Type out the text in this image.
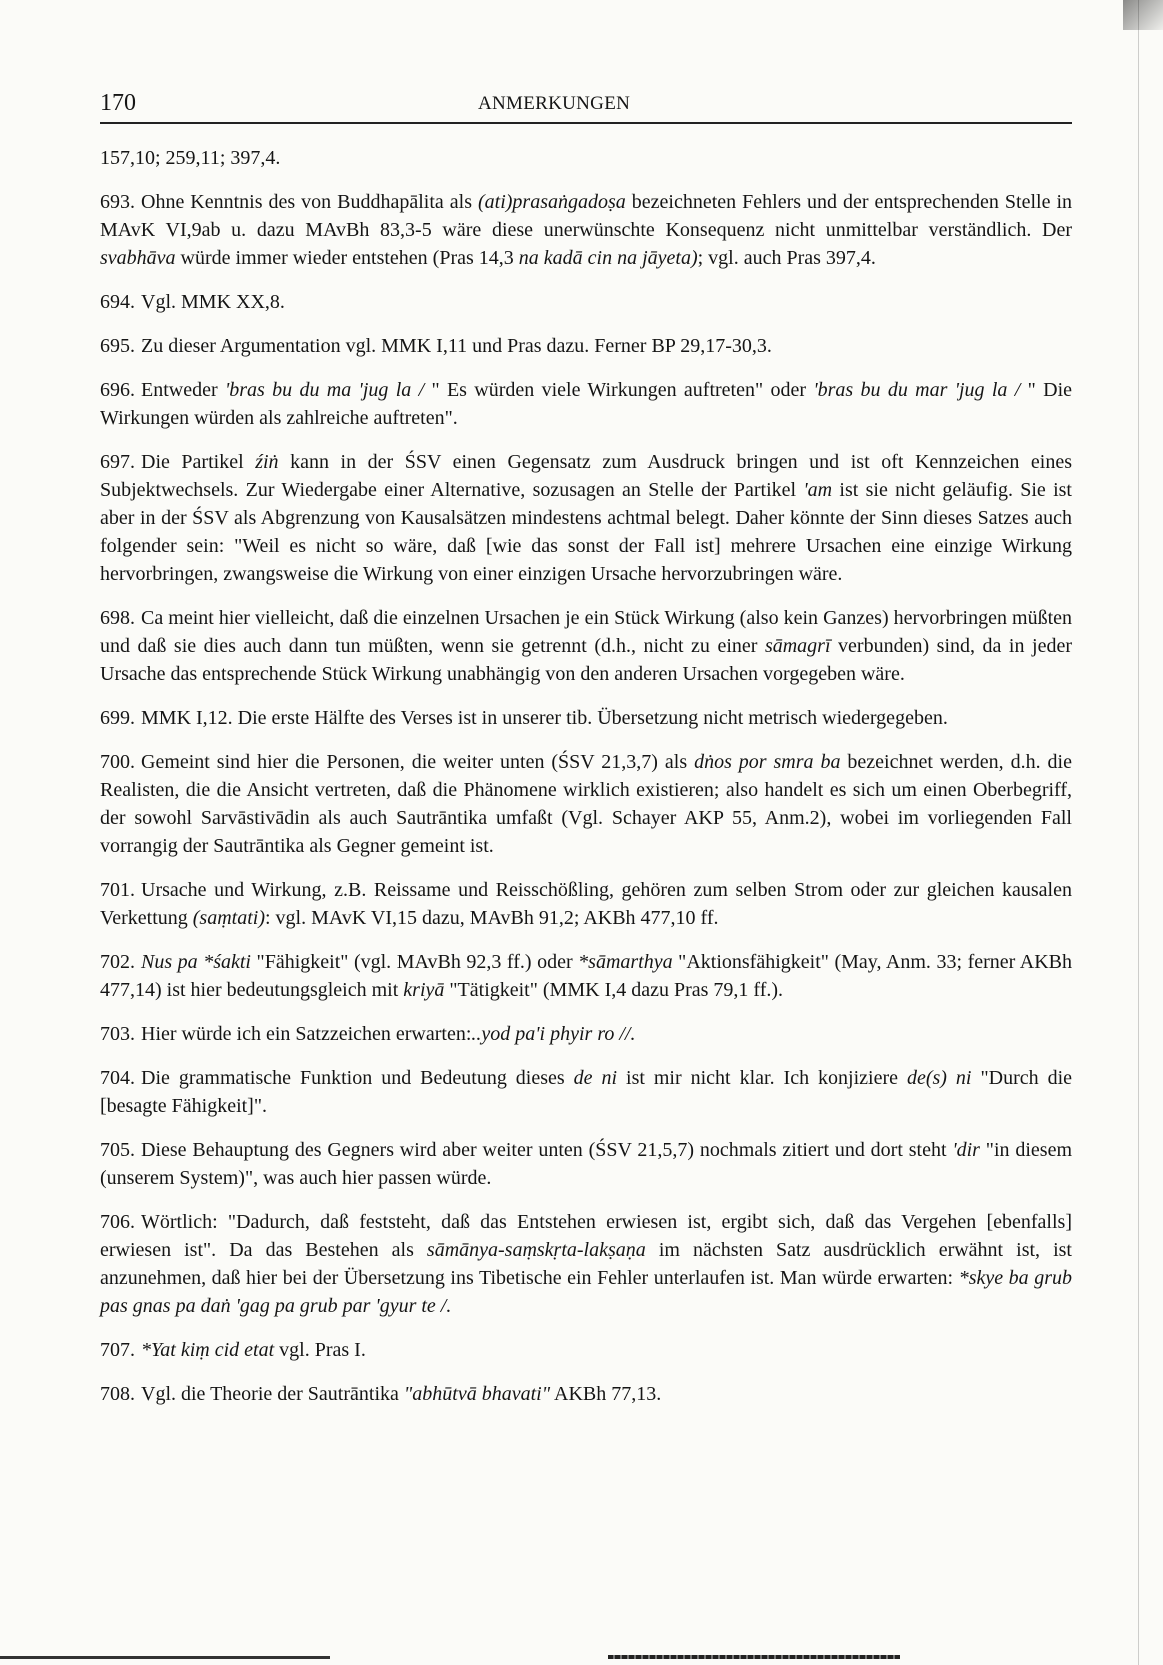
170	ANMERKUNGEN
157,10; 259,11; 397,4.

693. Ohne Kenntnis des von Buddhapālita als (ati)prasaṅgadoṣa bezeichneten Fehlers und der entsprechenden Stelle in MAvK VI,9ab u. dazu MAvBh 83,3-5 wäre diese unerwünschte Konsequenz nicht unmittelbar verständlich. Der svabhāva würde immer wieder entstehen (Pras 14,3 na kadā cin na jāyeta); vgl. auch Pras 397,4.

694. Vgl. MMK XX,8.

695. Zu dieser Argumentation vgl. MMK I,11 und Pras dazu. Ferner BP 29,17-30,3.

696. Entweder 'bras bu du ma 'jug la / " Es würden viele Wirkungen auftreten" oder 'bras bu du mar 'jug la / " Die Wirkungen würden als zahlreiche auftreten".

697. Die Partikel źiṅ kann in der ŚSV einen Gegensatz zum Ausdruck bringen und ist oft Kennzeichen eines Subjektwechsels. Zur Wiedergabe einer Alternative, sozusagen an Stelle der Partikel 'am ist sie nicht geläufig. Sie ist aber in der ŚSV als Abgrenzung von Kausalsätzen mindestens achtmal belegt. Daher könnte der Sinn dieses Satzes auch folgender sein: "Weil es nicht so wäre, daß [wie das sonst der Fall ist] mehrere Ursachen eine einzige Wirkung hervorbringen, zwangsweise die Wirkung von einer einzigen Ursache hervorzubringen wäre.

698. Ca meint hier vielleicht, daß die einzelnen Ursachen je ein Stück Wirkung (also kein Ganzes) hervorbringen müßten und daß sie dies auch dann tun müßten, wenn sie getrennt (d.h., nicht zu einer sāmagrī verbunden) sind, da in jeder Ursache das entsprechende Stück Wirkung unabhängig von den anderen Ursachen vorgegeben wäre.

699. MMK I,12. Die erste Hälfte des Verses ist in unserer tib. Übersetzung nicht metrisch wiedergegeben.

700. Gemeint sind hier die Personen, die weiter unten (ŚSV 21,3,7) als dṅos por smra ba bezeichnet werden, d.h. die Realisten, die die Ansicht vertreten, daß die Phänomene wirklich existieren; also handelt es sich um einen Oberbegriff, der sowohl Sarvāstivādin als auch Sautrāntika umfaßt (Vgl. Schayer AKP 55, Anm.2), wobei im vorliegenden Fall vorrangig der Sautrāntika als Gegner gemeint ist.

701. Ursache und Wirkung, z.B. Reissame und Reisschößling, gehören zum selben Strom oder zur gleichen kausalen Verkettung (saṃtati): vgl. MAvK VI,15 dazu, MAvBh 91,2; AKBh 477,10 ff.

702. Nus pa *śakti "Fähigkeit" (vgl. MAvBh 92,3 ff.) oder *sāmarthya "Aktionsfähigkeit" (May, Anm. 33; ferner AKBh 477,14) ist hier bedeutungsgleich mit kriyā "Tätigkeit" (MMK I,4 dazu Pras 79,1 ff.).

703. Hier würde ich ein Satzzeichen erwarten:..yod pa'i phyir ro //.

704. Die grammatische Funktion und Bedeutung dieses de ni ist mir nicht klar. Ich konjiziere de(s) ni "Durch die [besagte Fähigkeit]".

705. Diese Behauptung des Gegners wird aber weiter unten (ŚSV 21,5,7) nochmals zitiert und dort steht 'dir "in diesem (unserem System)", was auch hier passen würde.

706. Wörtlich: "Dadurch, daß feststeht, daß das Entstehen erwiesen ist, ergibt sich, daß das Vergehen [ebenfalls] erwiesen ist". Da das Bestehen als sāmānya-saṃskṛta-lakṣaṇa im nächsten Satz ausdrücklich erwähnt ist, ist anzunehmen, daß hier bei der Übersetzung ins Tibetische ein Fehler unterlaufen ist. Man würde erwarten: *skye ba grub pas gnas pa daṅ 'gag pa grub par 'gyur te /.

707. *Yat kiṃ cid etat vgl. Pras I.

708. Vgl. die Theorie der Sautrāntika "abhūtvā bhavati" AKBh 77,13.
